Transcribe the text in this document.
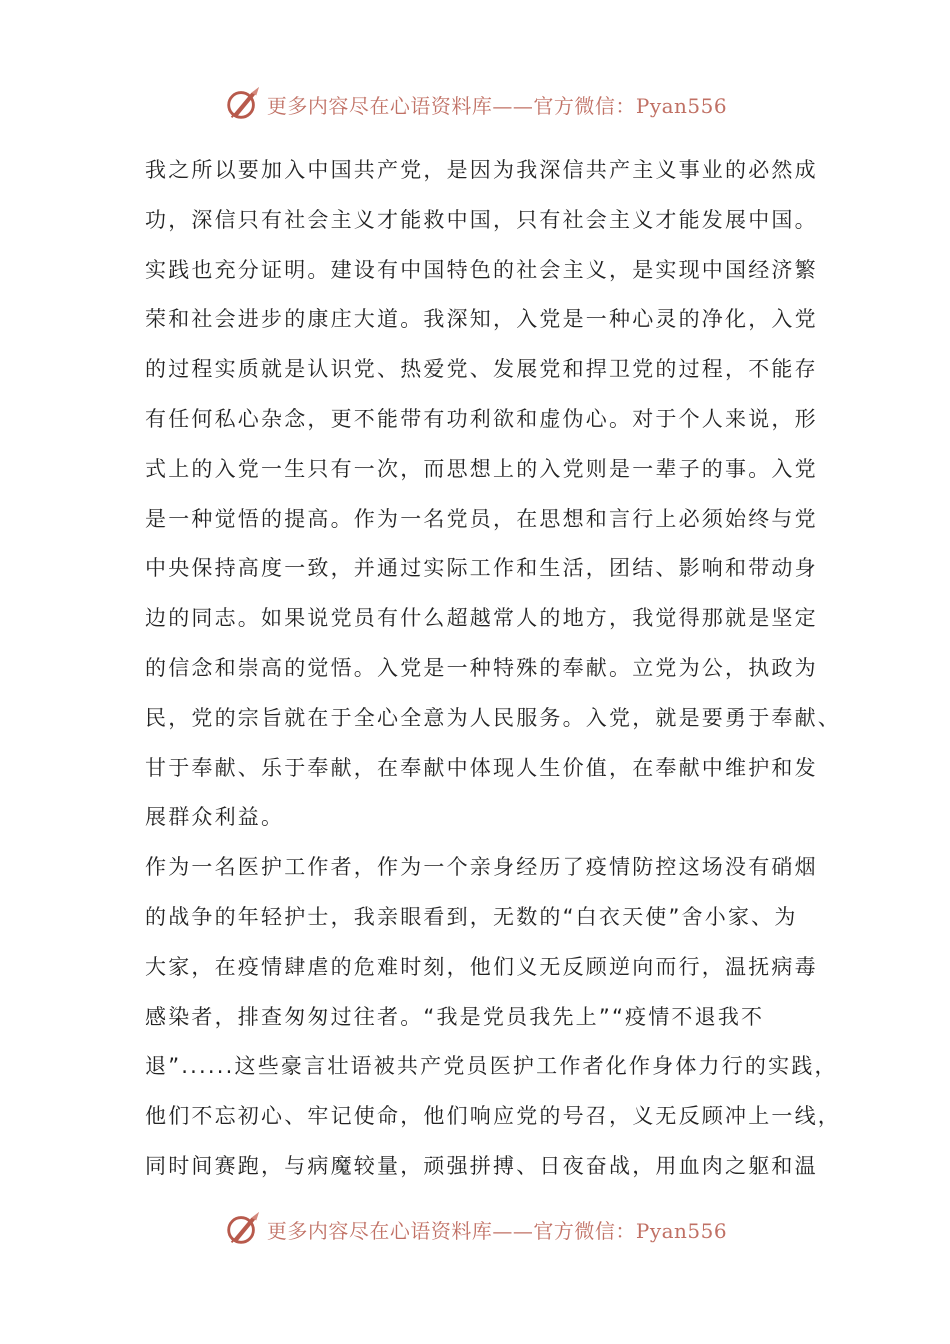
更多内容尽在心语资料库——官方微信：Pyan556
我之所以要加入中国共产党，是因为我深信共产主义事业的必然成
功，深信只有社会主义才能救中国，只有社会主义才能发展中国。
实践也充分证明。建设有中国特色的社会主义，是实现中国经济繁
荣和社会进步的康庄大道。我深知，入党是一种心灵的净化，入党
的过程实质就是认识党、热爱党、发展党和捍卫党的过程，不能存
有任何私心杂念，更不能带有功利欲和虚伪心。对于个人来说，形
式上的入党一生只有一次，而思想上的入党则是一辈子的事。入党
是一种觉悟的提高。作为一名党员，在思想和言行上必须始终与党
中央保持高度一致，并通过实际工作和生活，团结、影响和带动身
边的同志。如果说党员有什么超越常人的地方，我觉得那就是坚定
的信念和崇高的觉悟。入党是一种特殊的奉献。立党为公，执政为
民，党的宗旨就在于全心全意为人民服务。入党，就是要勇于奉献、
甘于奉献、乐于奉献，在奉献中体现人生价值，在奉献中维护和发
展群众利益。
作为一名医护工作者，作为一个亲身经历了疫情防控这场没有硝烟
的战争的年轻护士，我亲眼看到，无数的“白衣天使”舍小家、为
大家，在疫情肆虐的危难时刻，他们义无反顾逆向而行，温抚病毒
感染者，排查匆匆过往者。“我是党员我先上”“疫情不退我不
退”......这些豪言壮语被共产党员医护工作者化作身体力行的实践，
他们不忘初心、牢记使命，他们响应党的号召，义无反顾冲上一线，
同时间赛跑，与病魔较量，顽强拼搏、日夜奋战，用血肉之躯和温
更多内容尽在心语资料库——官方微信：Pyan556
